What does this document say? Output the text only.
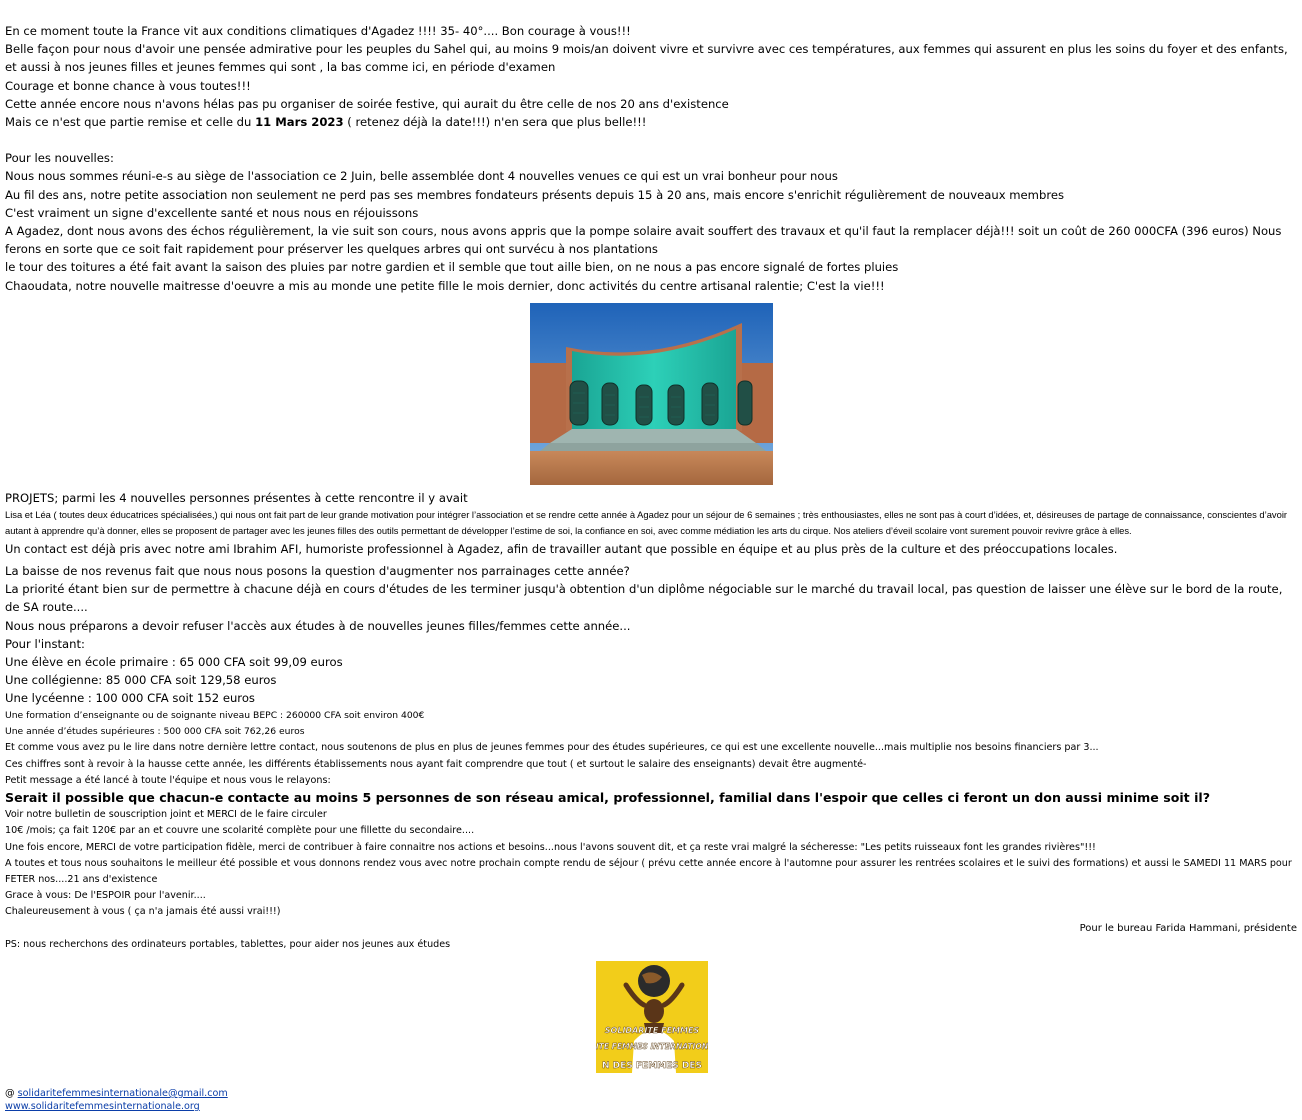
En ce moment toute la France vit aux conditions climatiques d'Agadez !!!! 35- 40°.... Bon courage à vous!!!

Belle façon pour nous d'avoir une pensée admirative pour les peuples du Sahel qui, au moins 9 mois/an doivent vivre et survivre avec ces températures, aux femmes qui assurent en plus les soins du foyer et des enfants, et aussi à nos jeunes filles et jeunes femmes qui sont , la bas comme ici, en période d'examen

Courage et bonne chance à vous toutes!!!

Cette année encore nous n'avons hélas pas pu organiser de soirée festive, qui aurait du être celle de nos 20 ans d'existence

Mais ce n'est que partie remise et celle du 11 Mars 2023 ( retenez déjà la date!!!) n'en sera que plus belle!!!

Pour les nouvelles:

Nous nous sommes réuni-e-s au siège de l'association ce 2 Juin, belle assemblée dont 4 nouvelles venues ce qui est un vrai bonheur pour nous

Au fil des ans, notre petite association non seulement ne perd pas ses membres fondateurs présents depuis 15 à 20 ans, mais encore s'enrichit régulièrement de nouveaux membres

C'est vraiment un signe d'excellente santé et nous nous en réjouissons

A Agadez, dont nous avons des échos régulièrement, la vie suit son cours, nous avons appris que la pompe solaire avait souffert des travaux et qu'il faut la remplacer déjà!!! soit un coût de 260 000CFA (396 euros) Nous ferons en sorte que ce soit fait rapidement pour préserver les quelques arbres qui ont survécu à nos plantations

le tour des toitures a été fait avant la saison des pluies par notre gardien et il semble que tout aille bien, on ne nous a pas encore signalé de fortes pluies

Chaoudata, notre nouvelle maitresse d'oeuvre a mis au monde une petite fille le mois dernier, donc activités du centre artisanal ralentie; C'est la vie!!!

PROJETS; parmi les 4 nouvelles personnes présentes à cette rencontre il y avait

Lisa et Léa ( toutes deux éducatrices spécialisées,) qui nous ont fait part de leur grande motivation pour intégrer l’association et se rendre cette année à Agadez pour un séjour de 6 semaines ; très enthousiastes, elles ne sont pas à court d’idées, et, désireuses de partage de connaissance, conscientes d’avoir autant à apprendre qu’à donner, elles se proposent de partager avec les jeunes filles des outils permettant de développer l’estime de soi, la confiance en soi, avec comme médiation les arts du cirque. Nos ateliers d’éveil scolaire vont surement pouvoir revivre grâce à elles.

Un contact est déjà pris avec notre ami Ibrahim AFI, humoriste professionnel à Agadez, afin de travailler autant que possible en équipe et au plus près de la culture et des préoccupations locales.

La baisse de nos revenus fait que nous nous posons la question d'augmenter nos parrainages cette année?

La priorité étant bien sur de permettre à chacune déjà en cours d'études de les terminer jusqu'à obtention d'un diplôme négociable sur le marché du travail local, pas question de laisser une élève sur le bord de la route, de SA route....

Nous nous préparons a devoir refuser l'accès aux études à de nouvelles jeunes filles/femmes cette année...

Pour l'instant:

Une élève en école primaire : 65 000 CFA soit 99,09 euros

Une collégienne: 85 000 CFA soit 129,58 euros

Une lycéenne : 100 000 CFA soit 152 euros

Une formation d’enseignante ou de soignante niveau BEPC : 260000 CFA soit environ 400€

Une année d’études supérieures : 500 000 CFA soit 762,26 euros

Et comme vous avez pu le lire dans notre dernière lettre contact, nous soutenons de plus en plus de jeunes femmes pour des études supérieures, ce qui est une excellente nouvelle...mais multiplie nos besoins financiers par 3...

Ces chiffres sont à revoir à la hausse cette année, les différents établissements nous ayant fait comprendre que tout ( et surtout le salaire des enseignants) devait être augmenté-

Petit message a été lancé à toute l'équipe et nous vous le relayons:

Serait il possible que chacun-e contacte au moins 5 personnes de son réseau amical, professionnel, familial dans l'espoir que celles ci feront un don aussi minime soit il?

Voir notre bulletin de souscription joint et MERCI de le faire circuler

10€ /mois; ça fait 120€ par an et couvre une scolarité complète pour une fillette du secondaire....

Une fois encore, MERCI de votre participation fidèle, merci de contribuer à faire connaitre nos actions et besoins...nous l'avons souvent dit, et ça reste vrai malgré la sécheresse: "Les petits ruisseaux font les grandes rivières"!!!

A toutes et tous nous souhaitons le meilleur été possible et vous donnons rendez vous avec notre prochain compte rendu de séjour ( prévu cette année encore à l'automne pour assurer les rentrées scolaires et le suivi des formations) et aussi le SAMEDI 11 MARS pour FETER nos....21 ans d'existence

Grace à vous: De l'ESPOIR pour l'avenir....

Chaleureusement à vous ( ça n'a jamais été aussi vrai!!!)

Pour le bureau Farida Hammani, présidente

PS: nous recherchons des ordinateurs portables, tablettes, pour aider nos jeunes aux études

SOLIDARITE FEMMES
RITE FEMMES INTERNATIONA
N DES FEMMES DES
@ solidaritefemmesinternationale@gmail.com
www.solidaritefemmesinternationale.org
